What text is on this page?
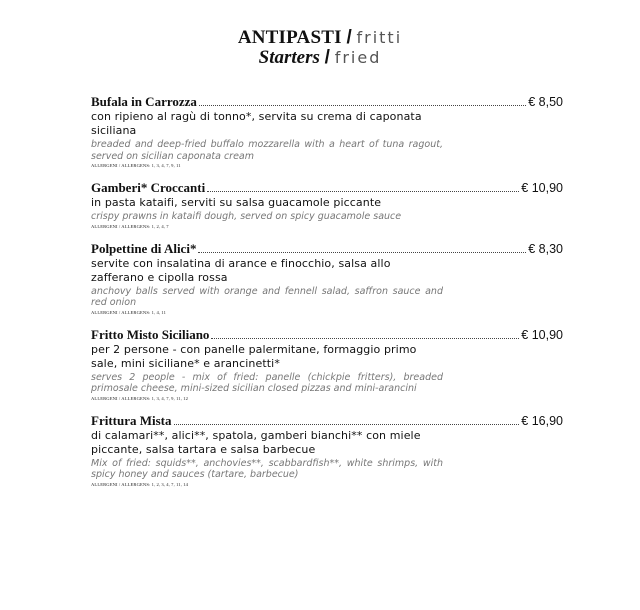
ANTIPASTI / fritti
Starters / fried
Bufala in Carrozza	€ 8,50
con ripieno al ragù di tonno*, servita su crema di caponata siciliana
breaded and deep-fried buffalo mozzarella with a heart of tuna ragout, served on sicilian caponata cream
ALLERGENI / ALLERGENS: 1, 3, 4, 7, 9, 11
Gamberi* Croccanti	€ 10,90
in pasta kataifi, serviti su salsa guacamole piccante
crispy prawns in kataifi dough, served on spicy guacamole sauce
ALLERGENI / ALLERGENS: 1, 2, 4, 7
Polpettine di Alici*	€ 8,30
servite con insalatina di arance e finocchio, salsa allo zafferano e cipolla rossa
anchovy balls served with orange and fennell salad, saffron sauce and red onion
ALLERGENI / ALLERGENS: 1, 4, 11
Fritto Misto Siciliano	€ 10,90
per 2 persone - con panelle palermitane, formaggio primo sale, mini siciliane* e arancinetti*
serves 2 people - mix of fried: panelle (chickpie fritters), breaded primosale cheese, mini-sized sicilian closed pizzas and mini-arancini
ALLERGENI / ALLERGENS: 1, 3, 4, 7, 9, 11, 12
Frittura Mista	€ 16,90
di calamari**, alici**, spatola, gamberi bianchi** con miele piccante, salsa tartara e salsa barbecue
Mix of fried: squids**, anchovies**, scabbardfish**, white shrimps, with spicy honey and sauces (tartare, barbecue)
ALLERGENI / ALLERGENS: 1, 2, 3, 4, 7, 11, 14
